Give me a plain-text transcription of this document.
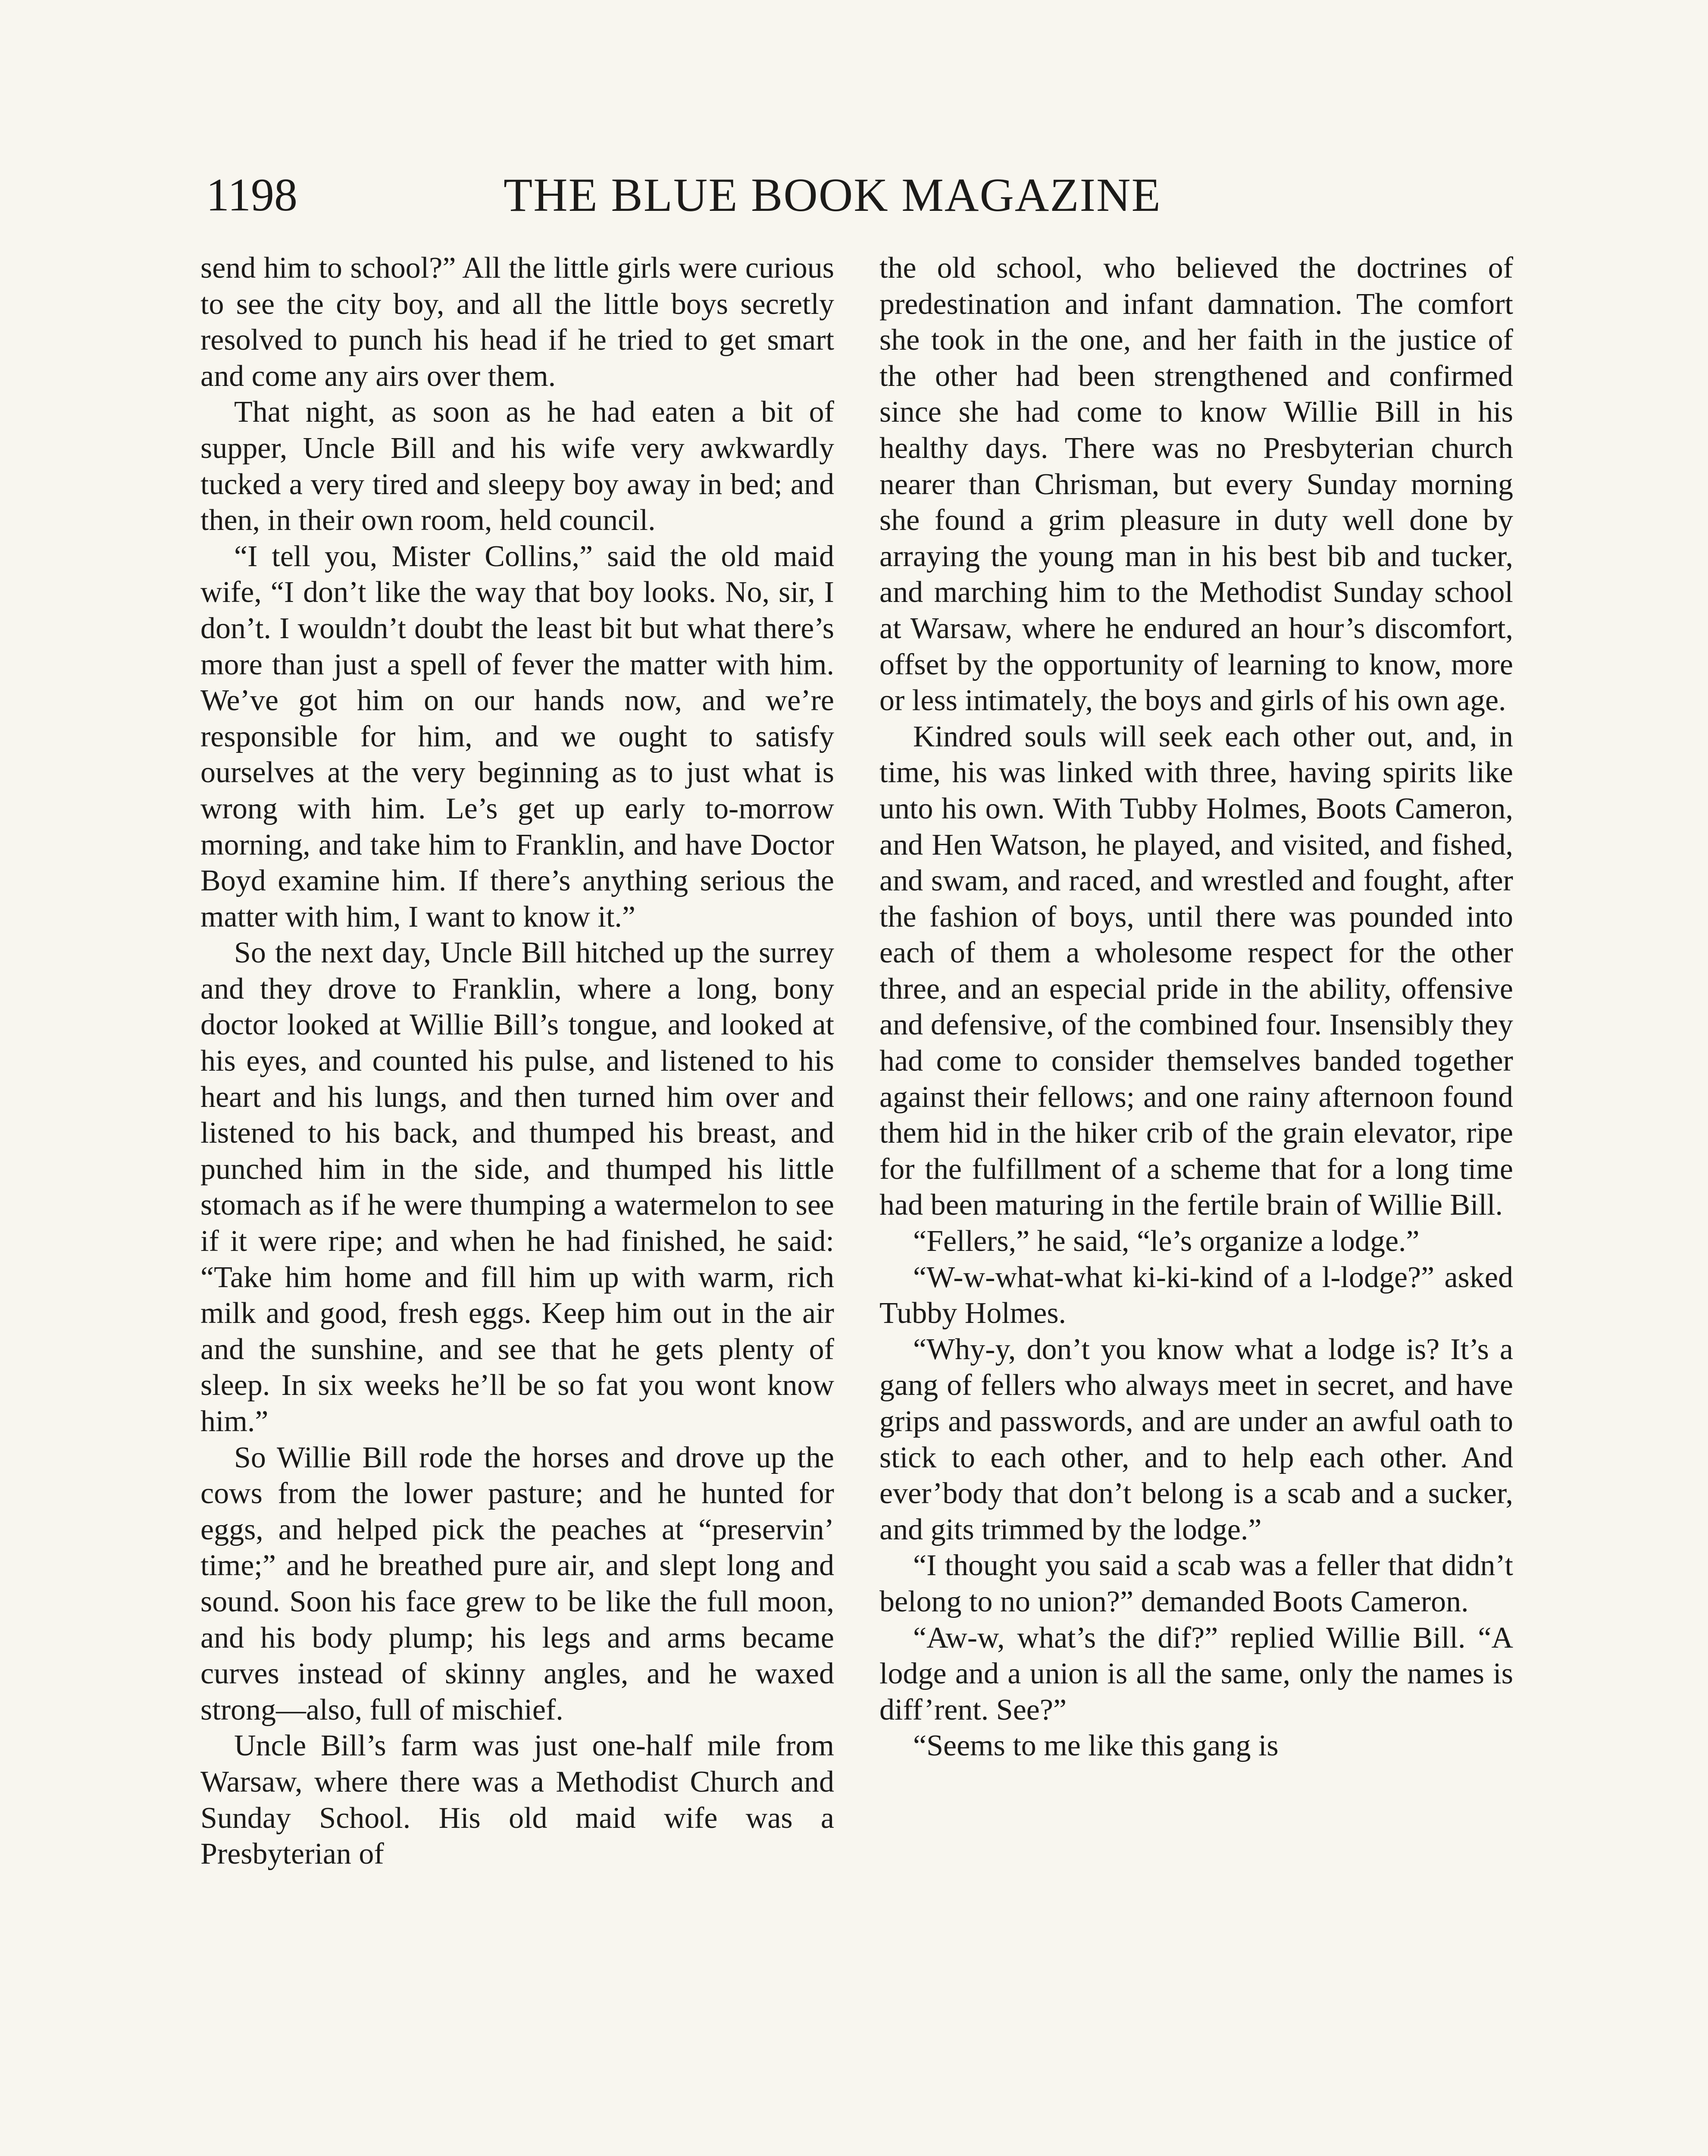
1198	THE BLUE BOOK MAGAZINE

send him to school?” All the little girls were curious to see the city boy, and all the little boys secretly resolved to punch his head if he tried to get smart and come any airs over them.

That night, as soon as he had eaten a bit of supper, Uncle Bill and his wife very awkwardly tucked a very tired and sleepy boy away in bed; and then, in their own room, held council.

“I tell you, Mister Collins,” said the old maid wife, “I don’t like the way that boy looks. No, sir, I don’t. I wouldn’t doubt the least bit but what there’s more than just a spell of fever the matter with him. We’ve got him on our hands now, and we’re responsible for him, and we ought to satisfy ourselves at the very beginning as to just what is wrong with him. Le’s get up early to-morrow morning, and take him to Franklin, and have Doctor Boyd examine him. If there’s anything serious the matter with him, I want to know it.”

So the next day, Uncle Bill hitched up the surrey and they drove to Franklin, where a long, bony doctor looked at Willie Bill’s tongue, and looked at his eyes, and counted his pulse, and listened to his heart and his lungs, and then turned him over and listened to his back, and thumped his breast, and punched him in the side, and thumped his little stomach as if he were thumping a watermelon to see if it were ripe; and when he had finished, he said: “Take him home and fill him up with warm, rich milk and good, fresh eggs. Keep him out in the air and the sunshine, and see that he gets plenty of sleep. In six weeks he’ll be so fat you wont know him.”

So Willie Bill rode the horses and drove up the cows from the lower pasture; and he hunted for eggs, and helped pick the peaches at “preservin’ time;” and he breathed pure air, and slept long and sound. Soon his face grew to be like the full moon, and his body plump; his legs and arms became curves instead of skinny angles, and he waxed strong—also, full of mischief.

Uncle Bill’s farm was just one-half mile from Warsaw, where there was a Methodist Church and Sunday School. His old maid wife was a Presbyterian of

the old school, who believed the doctrines of predestination and infant damnation. The comfort she took in the one, and her faith in the justice of the other had been strengthened and confirmed since she had come to know Willie Bill in his healthy days. There was no Presbyterian church nearer than Chrisman, but every Sunday morning she found a grim pleasure in duty well done by arraying the young man in his best bib and tucker, and marching him to the Methodist Sunday school at Warsaw, where he endured an hour’s discomfort, offset by the opportunity of learning to know, more or less intimately, the boys and girls of his own age.

Kindred souls will seek each other out, and, in time, his was linked with three, having spirits like unto his own. With Tubby Holmes, Boots Cameron, and Hen Watson, he played, and visited, and fished, and swam, and raced, and wrestled and fought, after the fashion of boys, until there was pounded into each of them a wholesome respect for the other three, and an especial pride in the ability, offensive and defensive, of the combined four. Insensibly they had come to consider themselves banded together against their fellows; and one rainy afternoon found them hid in the hiker crib of the grain elevator, ripe for the fulfillment of a scheme that for a long time had been maturing in the fertile brain of Willie Bill.

“Fellers,” he said, “le’s organize a lodge.”

“W-w-what-what ki-ki-kind of a l-lodge?” asked Tubby Holmes.

“Why-y, don’t you know what a lodge is? It’s a gang of fellers who always meet in secret, and have grips and passwords, and are under an awful oath to stick to each other, and to help each other. And ever’body that don’t belong is a scab and a sucker, and gits trimmed by the lodge.”

“I thought you said a scab was a feller that didn’t belong to no union?” demanded Boots Cameron.

“Aw-w, what’s the dif?” replied Willie Bill. “A lodge and a union is all the same, only the names is diff’rent. See?”

“Seems to me like this gang is
